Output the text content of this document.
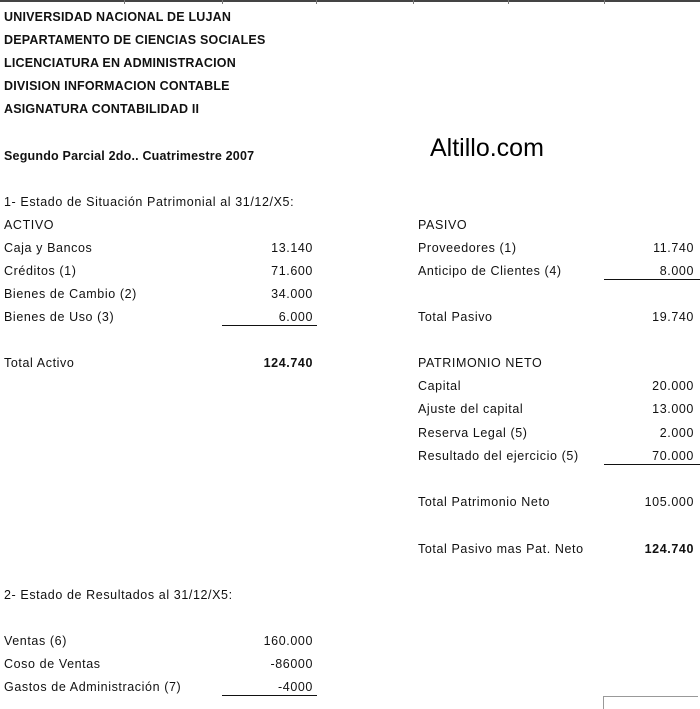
UNIVERSIDAD NACIONAL DE LUJAN
DEPARTAMENTO DE CIENCIAS SOCIALES
LICENCIATURA EN ADMINISTRACION
DIVISION INFORMACION CONTABLE
ASIGNATURA CONTABILIDAD II
Segundo Parcial 2do.. Cuatrimestre 2007	Altillo.com
1- Estado de Situación Patrimonial al 31/12/X5:
ACTIVO
Caja y Bancos	13.140
Créditos (1)	71.600
Bienes de Cambio (2)	34.000
Bienes de Uso (3)	6.000
Total Activo	124.740
PASIVO
Proveedores (1)	11.740
Anticipo de Clientes (4)	8.000
Total Pasivo	19.740
PATRIMONIO NETO
Capital	20.000
Ajuste del capital	13.000
Reserva Legal (5)	2.000
Resultado del ejercicio (5)	70.000
Total Patrimonio Neto	105.000
Total Pasivo mas Pat. Neto	124.740
2- Estado de Resultados al 31/12/X5:
Ventas (6)	160.000
Coso de Ventas	-86000
Gastos de Administración (7)	-4000
